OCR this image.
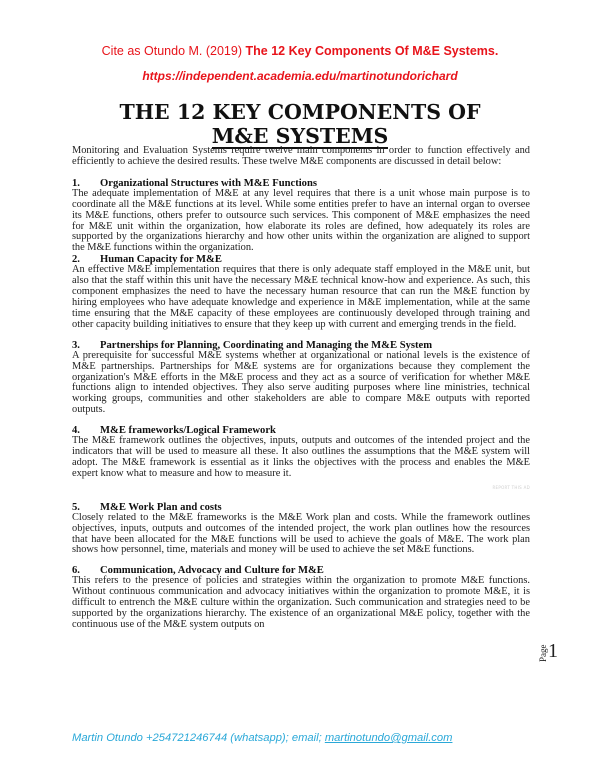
Cite as Otundo M. (2019) The 12 Key Components Of M&E Systems.
https://independent.academia.edu/martinotundorichard
THE 12 KEY COMPONENTS OF
M&E SYSTEMS

Monitoring and Evaluation Systems require twelve main components in order to function effectively and efficiently to achieve the desired results. These twelve M&E components are discussed in detail below:

1. Organizational Structures with M&E Functions

The adequate implementation of M&E at any level requires that there is a unit whose main purpose is to coordinate all the M&E functions at its level. While some entities prefer to have an internal organ to oversee its M&E functions, others prefer to outsource such services. This component of M&E emphasizes the need for M&E unit within the organization, how elaborate its roles are defined, how adequately its roles are supported by the organizations hierarchy and how other units within the organization are aligned to support the M&E functions within the organization.

2. Human Capacity for M&E

An effective M&E implementation requires that there is only adequate staff employed in the M&E unit, but also that the staff within this unit have the necessary M&E technical know-how and experience. As such, this component emphasizes the need to have the necessary human resource that can run the M&E function by hiring employees who have adequate knowledge and experience in M&E implementation, while at the same time ensuring that the M&E capacity of these employees are continuously developed through training and other capacity building initiatives to ensure that they keep up with current and emerging trends in the field.

3. Partnerships for Planning, Coordinating and Managing the M&E System

A prerequisite for successful M&E systems whether at organizational or national levels is the existence of M&E partnerships. Partnerships for M&E systems are for organizations because they complement the organization's M&E efforts in the M&E process and they act as a source of verification for whether M&E functions align to intended objectives. They also serve auditing purposes where line ministries, technical working groups, communities and other stakeholders are able to compare M&E outputs with reported outputs.

4. M&E frameworks/Logical Framework

The M&E framework outlines the objectives, inputs, outputs and outcomes of the intended project and the indicators that will be used to measure all these. It also outlines the assumptions that the M&E system will adopt. The M&E framework is essential as it links the objectives with the process and enables the M&E expert know what to measure and how to measure it.

REPORT THIS AD
5. M&E Work Plan and costs

Closely related to the M&E frameworks is the M&E Work plan and costs. While the framework outlines objectives, inputs, outputs and outcomes of the intended project, the work plan outlines how the resources that have been allocated for the M&E functions will be used to achieve the goals of M&E. The work plan shows how personnel, time, materials and money will be used to achieve the set M&E functions.

6. Communication, Advocacy and Culture for M&E

This refers to the presence of policies and strategies within the organization to promote M&E functions. Without continuous communication and advocacy initiatives within the organization to promote M&E, it is difficult to entrench the M&E culture within the organization. Such communication and strategies need to be supported by the organizations hierarchy. The existence of an organizational M&E policy, together with the continuous use of the M&E system outputs on

Page 1
Martin Otundo +254721246744 (whatsapp); email; martinotundo@gmail.com
